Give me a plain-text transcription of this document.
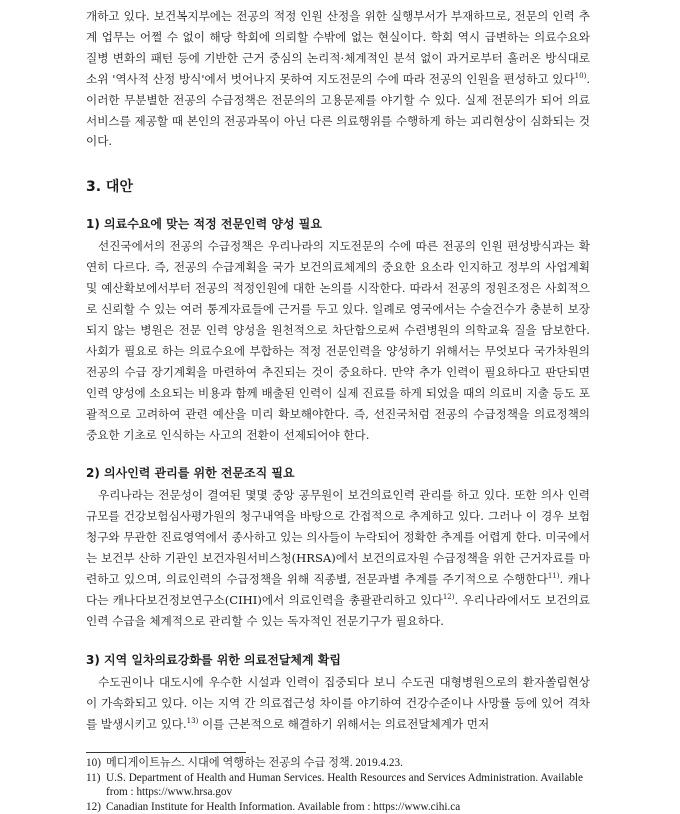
개하고 있다. 보건복지부에는 전공의 적정 인원 산정을 위한 실행부서가 부재하므로, 전문의 인력 추계 업무는 어쩔 수 없이 해당 학회에 의뢰할 수밖에 없는 현실이다. 학회 역시 급변하는 의료수요와 질병 변화의 패턴 등에 기반한 근거 중심의 논리적·체계적인 분석 없이 과거로부터 흘러온 방식대로 소위 '역사적 산정 방식'에서 벗어나지 못하여 지도전문의 수에 따라 전공의 인원을 편성하고 있다$^{10)}$. 이러한 무분별한 전공의 수급정책은 전문의의 고용문제를 야기할 수 있다. 실제 전문의가 되어 의료서비스를 제공할 때 본인의 전공과목이 아닌 다른 의료행위를 수행하게 하는 괴리현상이 심화되는 것이다.

3. 대안
1) 의료수요에 맞는 적정 전문인력 양성 필요

선진국에서의 전공의 수급정책은 우리나라의 지도전문의 수에 따른 전공의 인원 편성방식과는 확연히 다르다. 즉, 전공의 수급계획을 국가 보건의료체계의 중요한 요소라 인지하고 정부의 사업계획 및 예산확보에서부터 전공의 적정인원에 대한 논의를 시작한다. 따라서 전공의 정원조정은 사회적으로 신뢰할 수 있는 여러 통계자료들에 근거를 두고 있다. 일례로 영국에서는 수술건수가 충분히 보장되지 않는 병원은 전문 인력 양성을 원천적으로 차단함으로써 수련병원의 의학교육 질을 담보한다. 사회가 필요로 하는 의료수요에 부합하는 적정 전문인력을 양성하기 위해서는 무엇보다 국가차원의 전공의 수급 장기계획을 마련하여 추진되는 것이 중요하다. 만약 추가 인력이 필요하다고 판단되면 인력 양성에 소요되는 비용과 함께 배출된 인력이 실제 진료를 하게 되었을 때의 의료비 지출 등도 포괄적으로 고려하여 관련 예산을 미리 확보해야한다. 즉, 선진국처럼 전공의 수급정책을 의료정책의 중요한 기초로 인식하는 사고의 전환이 선제되어야 한다.

2) 의사인력 관리를 위한 전문조직 필요

우리나라는 전문성이 결여된 몇몇 중앙 공무원이 보건의료인력 관리를 하고 있다. 또한 의사 인력 규모를 건강보험심사평가원의 청구내역을 바탕으로 간접적으로 추계하고 있다. 그러나 이 경우 보험청구와 무관한 진료영역에서 종사하고 있는 의사들이 누락되어 정확한 추계를 어렵게 한다. 미국에서는 보건부 산하 기관인 보건자원서비스청(HRSA)에서 보건의료자원 수급정책을 위한 근거자료를 마련하고 있으며, 의료인력의 수급정책을 위해 직종별, 전문과별 추계를 주기적으로 수행한다$^{11)}$. 캐나다는 캐나다보건정보연구소(CIHI)에서 의료인력을 총괄관리하고 있다$^{12)}$. 우리나라에서도 보건의료인력 수급을 체계적으로 관리할 수 있는 독자적인 전문기구가 필요하다.

3) 지역 일차의료강화를 위한 의료전달체계 확립

수도권이나 대도시에 우수한 시설과 인력이 집중되다 보니 수도권 대형병원으로의 환자쏠림현상이 가속화되고 있다. 이는 지역 간 의료접근성 차이를 야기하여 건강수준이나 사망률 등에 있어 격차를 발생시키고 있다.$^{13)}$ 이를 근본적으로 해결하기 위해서는 의료전달체계가 먼저

10) 메디게이트뉴스. 시대에 역행하는 전공의 수급 정책. 2019.4.23.
11) U.S. Department of Health and Human Services. Health Resources and Services Administration. Available from : https://www.hrsa.gov
12) Canadian Institute for Health Information. Available from : https://www.cihi.ca
